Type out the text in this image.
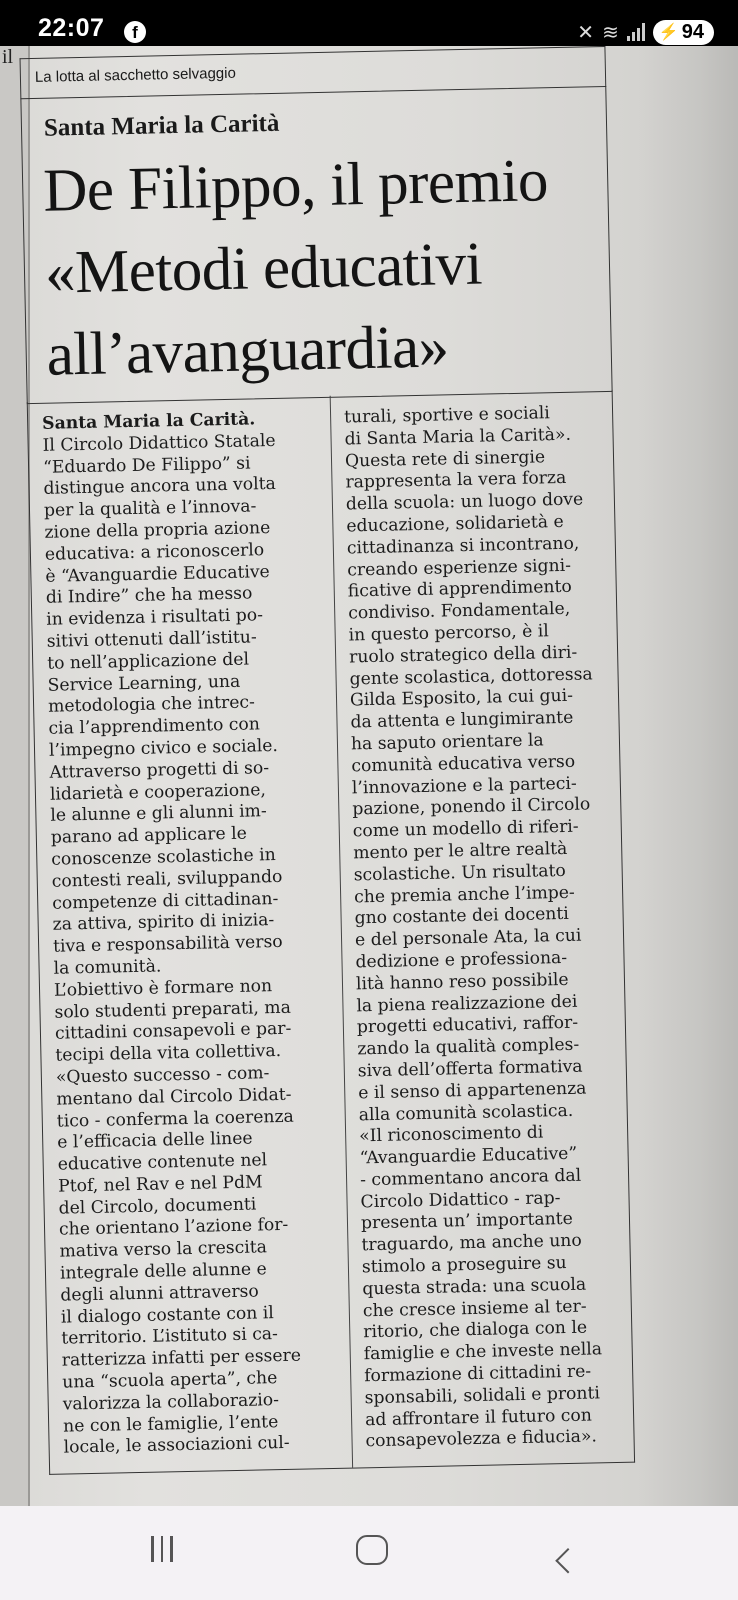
22:07	f	✕ ≋	⚡ 94
il
La lotta al sacchetto selvaggio
Santa Maria la Carità
De Filippo, il premio
«Metodi educativi
all’avanguardia»
Santa Maria la Carità.
Il Circolo Didattico Statale
“Eduardo De Filippo” si
distingue ancora una volta
per la qualità e l’innova-
zione della propria azione
educativa: a riconoscerlo
è “Avanguardie Educative
di Indire” che ha messo
in evidenza i risultati po-
sitivi ottenuti dall’istitu-
to nell’applicazione del
Service Learning, una
metodologia che intrec-
cia l’apprendimento con
l’impegno civico e sociale.
Attraverso progetti di so-
lidarietà e cooperazione,
le alunne e gli alunni im-
parano ad applicare le
conoscenze scolastiche in
contesti reali, sviluppando
competenze di cittadinan-
za attiva, spirito di inizia-
tiva e responsabilità verso
la comunità.
L’obiettivo è formare non
solo studenti preparati, ma
cittadini consapevoli e par-
tecipi della vita collettiva.
«Questo successo - com-
mentano dal Circolo Didat-
tico - conferma la coerenza
e l’efficacia delle linee
educative contenute nel
Ptof, nel Rav e nel PdM
del Circolo, documenti
che orientano l’azione for-
mativa verso la crescita
integrale delle alunne e
degli alunni attraverso
il dialogo costante con il
territorio. L’istituto si ca-
ratterizza infatti per essere
una “scuola aperta”, che
valorizza la collaborazio-
ne con le famiglie, l’ente
locale, le associazioni cul-
turali, sportive e sociali
di Santa Maria la Carità».
Questa rete di sinergie
rappresenta la vera forza
della scuola: un luogo dove
educazione, solidarietà e
cittadinanza si incontrano,
creando esperienze signi-
ficative di apprendimento
condiviso. Fondamentale,
in questo percorso, è il
ruolo strategico della diri-
gente scolastica, dottoressa
Gilda Esposito, la cui gui-
da attenta e lungimirante
ha saputo orientare la
comunità educativa verso
l’innovazione e la parteci-
pazione, ponendo il Circolo
come un modello di riferi-
mento per le altre realtà
scolastiche. Un risultato
che premia anche l’impe-
gno costante dei docenti
e del personale Ata, la cui
dedizione e professiona-
lità hanno reso possibile
la piena realizzazione dei
progetti educativi, raffor-
zando la qualità comples-
siva dell’offerta formativa
e il senso di appartenenza
alla comunità scolastica.
«Il riconoscimento di
“Avanguardie Educative”
- commentano ancora dal
Circolo Didattico - rap-
presenta un’ importante
traguardo, ma anche uno
stimolo a proseguire su
questa strada: una scuola
che cresce insieme al ter-
ritorio, che dialoga con le
famiglie e che investe nella
formazione di cittadini re-
sponsabili, solidali e pronti
ad affrontare il futuro con
consapevolezza e fiducia».
